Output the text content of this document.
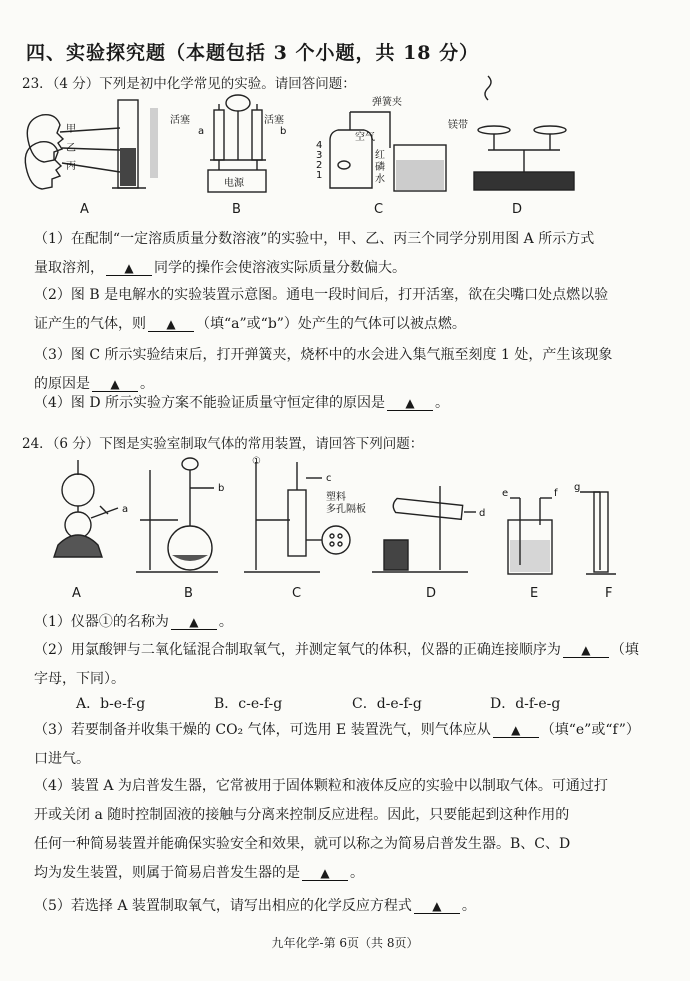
四、实验探究题（本题包括 3 个小题，共 18 分）
23．（4 分）下列是初中化学常见的实验。请回答问题：
甲
乙
丙
活塞	活塞
a	b
电源
弹簧夹
空气
红
磷
水
4
3
2
1
镁带
A	B	C	D
（1）在配制“一定溶质质量分数溶液”的实验中，甲、乙、丙三个同学分别用图 A 所示方式
量取溶剂， ▲ 同学的操作会使溶液实际质量分数偏大。
（2）图 B 是电解水的实验装置示意图。通电一段时间后，打开活塞，欲在尖嘴口处点燃以验
证产生的气体，则 ▲ （填“a”或“b”）处产生的气体可以被点燃。
（3）图 C 所示实验结束后，打开弹簧夹，烧杯中的水会进入集气瓶至刻度 1 处，产生该现象
的原因是 ▲ 。
（4）图 D 所示实验方案不能验证质量守恒定律的原因是 ▲ 。
24．（6 分）下图是实验室制取气体的常用装置，请回答下列问题：
a
b
c
d
e	f
g
①
塑料
多孔隔板
A	B	C	D	E	F
（1）仪器①的名称为 ▲ 。
（2）用氯酸钾与二氧化锰混合制取氧气，并测定氧气的体积，仪器的正确连接顺序为 ▲ （填
字母，下同）。
A．b-e-f-g	B．c-e-f-g	C．d-e-f-g	D．d-f-e-g
（3）若要制备并收集干燥的 CO₂ 气体，可选用 E 装置洗气，则气体应从 ▲ （填“e”或“f”）
口进气。
（4）装置 A 为启普发生器，它常被用于固体颗粒和液体反应的实验中以制取气体。可通过打
开或关闭 a 随时控制固液的接触与分离来控制反应进程。因此，只要能起到这种作用的
任何一种简易装置并能确保实验安全和效果，就可以称之为简易启普发生器。B、C、D
均为发生装置，则属于简易启普发生器的是 ▲ 。
（5）若选择 A 装置制取氧气，请写出相应的化学反应方程式 ▲ 。
九年化学-第 6页（共 8页）
